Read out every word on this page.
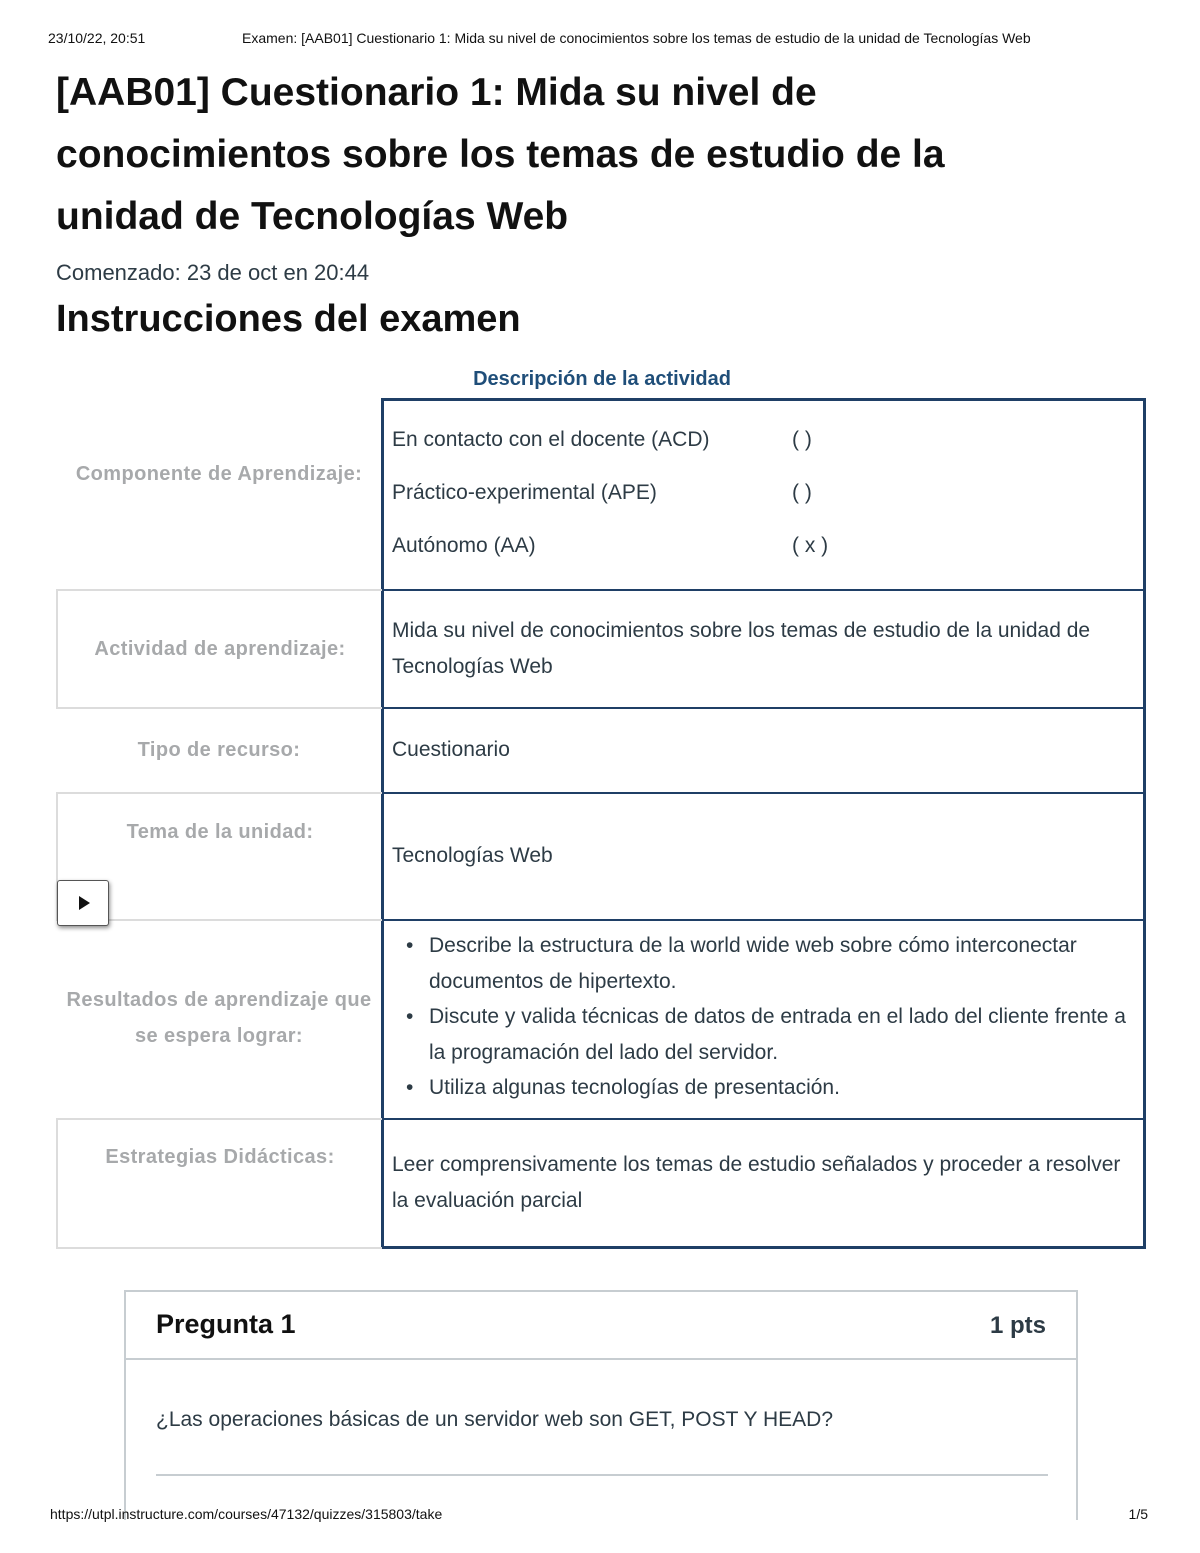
23/10/22, 20:51	Examen: [AAB01] Cuestionario 1: Mida su nivel de conocimientos sobre los temas de estudio de la unidad de Tecnologías Web
[AAB01] Cuestionario 1: Mida su nivel de conocimientos sobre los temas de estudio de la unidad de Tecnologías Web
Comenzado: 23 de oct en 20:44
Instrucciones del examen
Descripción de la actividad
Componente de Aprendizaje:
En contacto con el docente (ACD)	( )
Práctico-experimental (APE)	( )
Autónomo (AA)	( x )
Actividad de aprendizaje:
Mida su nivel de conocimientos sobre los temas de estudio de la unidad de Tecnologías Web
Tipo de recurso:	Cuestionario
Tema de la unidad:
Tecnologías Web
Resultados de aprendizaje que se espera lograr:
• Describe la estructura de la world wide web sobre cómo interconectar documentos de hipertexto.
• Discute y valida técnicas de datos de entrada en el lado del cliente frente a la programación del lado del servidor.
• Utiliza algunas tecnologías de presentación.
Estrategias Didácticas:	Leer comprensivamente los temas de estudio señalados y proceder a resolver la evaluación parcial
Pregunta 1	1 pts
¿Las operaciones básicas de un servidor web son GET, POST Y HEAD?
https://utpl.instructure.com/courses/47132/quizzes/315803/take	1/5
